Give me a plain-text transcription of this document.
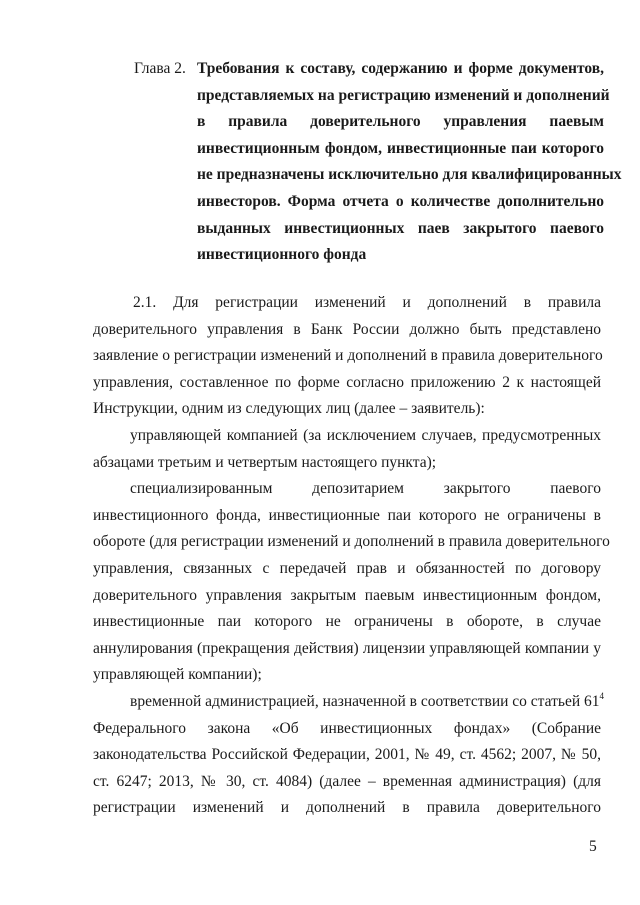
Глава 2. Требования к составу, содержанию и форме документов,
представляемых на регистрацию изменений и дополнений
в правила доверительного управления паевым
инвестиционным фондом, инвестиционные паи которого
не предназначены исключительно для квалифицированных
инвесторов. Форма отчета о количестве дополнительно
выданных инвестиционных паев закрытого паевого
инвестиционного фонда
2.1. Для регистрации изменений и дополнений в правила
доверительного управления в Банк России должно быть представлено
заявление о регистрации изменений и дополнений в правила доверительного
управления, составленное по форме согласно приложению 2 к настоящей
Инструкции, одним из следующих лиц (далее – заявитель):
управляющей компанией (за исключением случаев, предусмотренных
абзацами третьим и четвертым настоящего пункта);
специализированным депозитарием закрытого паевого
инвестиционного фонда, инвестиционные паи которого не ограничены в
обороте (для регистрации изменений и дополнений в правила доверительного
управления, связанных с передачей прав и обязанностей по договору
доверительного управления закрытым паевым инвестиционным фондом,
инвестиционные паи которого не ограничены в обороте, в случае
аннулирования (прекращения действия) лицензии управляющей компании у
управляющей компании);
временной администрацией, назначенной в соответствии со статьей $61^4$
Федерального закона «Об инвестиционных фондах» (Собрание
законодательства Российской Федерации, 2001, № 49, ст. 4562; 2007, № 50,
ст. 6247; 2013, № 30, ст. 4084) (далее – временная администрация) (для
регистрации изменений и дополнений в правила доверительного
5
